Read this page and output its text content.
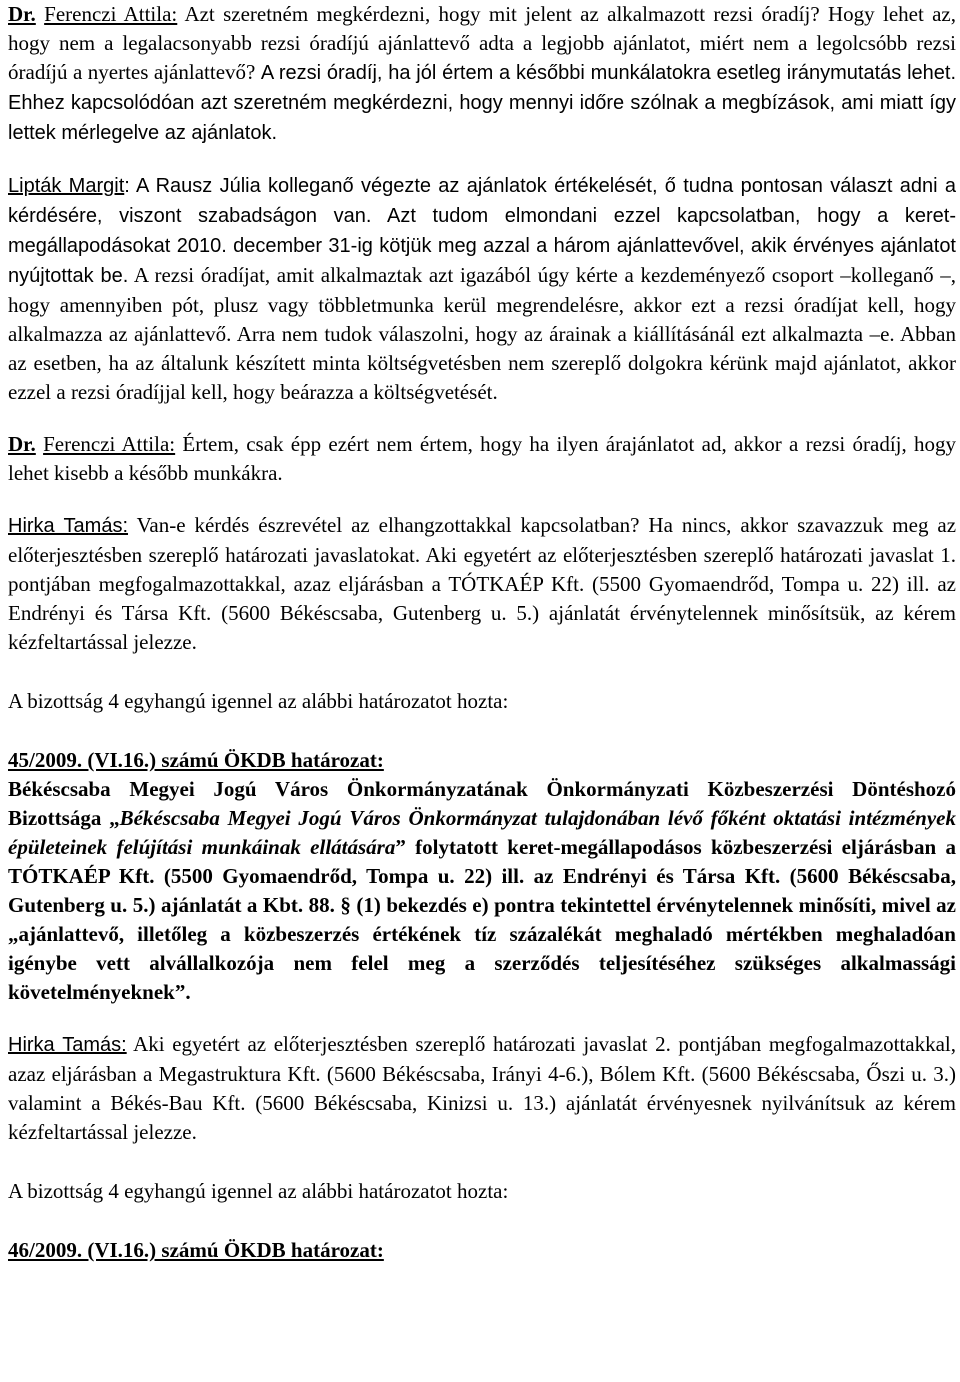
Dr. Ferenczi Attila: Azt szeretném megkérdezni, hogy mit jelent az alkalmazott rezsi óradíj? Hogy lehet az, hogy nem a legalacsonyabb rezsi óradíjú ajánlattevő adta a legjobb ajánlatot, miért nem a legolcsóbb rezsi óradíjú a nyertes ajánlattevő? A rezsi óradíj, ha jól értem a későbbi munkálatokra esetleg iránymutatás lehet. Ehhez kapcsolódóan azt szeretném megkérdezni, hogy mennyi időre szólnak a megbízások, ami miatt így lettek mérlegelve az ajánlatok.

Lipták Margit: A Rausz Júlia kolleganő végezte az ajánlatok értékelését, ő tudna pontosan választ adni a kérdésére, viszont szabadságon van. Azt tudom elmondani ezzel kapcsolatban, hogy a keret-megállapodásokat 2010. december 31-ig kötjük meg azzal a három ajánlattevővel, akik érvényes ajánlatot nyújtottak be. A rezsi óradíjat, amit alkalmaztak azt igazából úgy kérte a kezdeményező csoport –kolleganő –, hogy amennyiben pót, plusz vagy többletmunka kerül megrendelésre, akkor ezt a rezsi óradíjat kell, hogy alkalmazza az ajánlattevő. Arra nem tudok válaszolni, hogy az árainak a kiállításánál ezt alkalmazta –e. Abban az esetben, ha az általunk készített minta költségvetésben nem szereplő dolgokra kérünk majd ajánlatot, akkor ezzel a rezsi óradíjjal kell, hogy beárazza a költségvetését.

Dr. Ferenczi Attila: Értem, csak épp ezért nem értem, hogy ha ilyen árajánlatot ad, akkor a rezsi óradíj, hogy lehet kisebb a később munkákra.

Hirka Tamás: Van-e kérdés észrevétel az elhangzottakkal kapcsolatban? Ha nincs, akkor szavazzuk meg az előterjesztésben szereplő határozati javaslatokat. Aki egyetért az előterjesztésben szereplő határozati javaslat 1. pontjában megfogalmazottakkal, azaz eljárásban a TÓTKAÉP Kft. (5500 Gyomaendrőd, Tompa u. 22) ill. az Endrényi és Társa Kft. (5600 Békéscsaba, Gutenberg u. 5.) ajánlatát érvénytelennek minősítsük, az kérem kézfeltartással jelezze.

A bizottság 4 egyhangú igennel az alábbi határozatot hozta:

45/2009. (VI.16.) számú ÖKDB határozat:

Békéscsaba Megyei Jogú Város Önkormányzatának Önkormányzati Közbeszerzési Döntéshozó Bizottsága „Békéscsaba Megyei Jogú Város Önkormányzat tulajdonában lévő főként oktatási intézmények épületeinek felújítási munkáinak ellátására” folytatott keret-megállapodásos közbeszerzési eljárásban a TÓTKAÉP Kft. (5500 Gyomaendrőd, Tompa u. 22) ill. az Endrényi és Társa Kft. (5600 Békéscsaba, Gutenberg u. 5.) ajánlatát a Kbt. 88. § (1) bekezdés e) pontra tekintettel érvénytelennek minősíti, mivel az „ajánlattevő, illetőleg a közbeszerzés értékének tíz százalékát meghaladó mértékben meghaladóan igénybe vett alvállalkozója nem felel meg a szerződés teljesítéséhez szükséges alkalmassági követelményeknek”.

Hirka Tamás: Aki egyetért az előterjesztésben szereplő határozati javaslat 2. pontjában megfogalmazottakkal, azaz eljárásban a Megastruktura Kft. (5600 Békéscsaba, Irányi 4-6.), Bólem Kft. (5600 Békéscsaba, Őszi u. 3.) valamint a Békés-Bau Kft. (5600 Békéscsaba, Kinizsi u. 13.) ajánlatát érvényesnek nyilvánítsuk az kérem kézfeltartással jelezze.

A bizottság 4 egyhangú igennel az alábbi határozatot hozta:

46/2009. (VI.16.) számú ÖKDB határozat:
